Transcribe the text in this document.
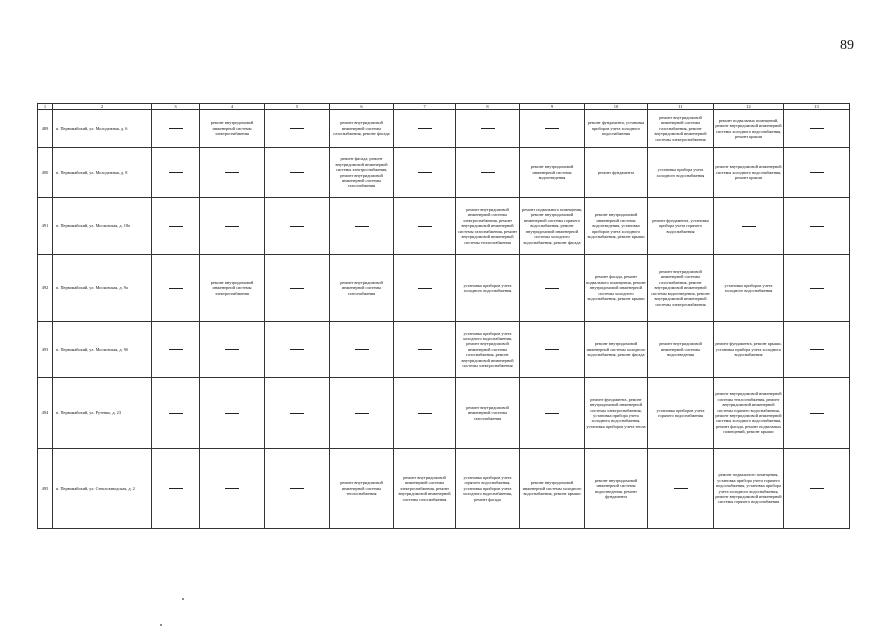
89
1	2	3	4	5	6	7	8	9	10	11	12	13
489	п. Первомайский, ул. Молодежная, д. 6		ремонт внутридомовой инженерной системы электроснабжения		ремонт внутридомовой инженерной системы газоснабжения, ремонт фасада				ремонт фундамента, установка приборов учета холодного водоснабжения	ремонт внутридомовой инженерной системы газоснабжения, ремонт внутридомовой инженерной системы электроснабжения	ремонт подвальных помещений, ремонт внутридомовой инженерной системы холодного водоснабжения, ремонт крыши	
490	п. Первомайский, ул. Молодежная, д. 8				ремонт фасада, ремонт внутридомовой инженерной системы электроснабжения, ремонт внутридомовой инженерной системы газоснабжения			ремонт внутридомовой инженерной системы водоотведения	ремонт фундамента	установка прибора учета холодного водоснабжения	ремонт внутридомовой инженерной системы холодного водоснабжения, ремонт крыши	
491	п. Первомайский, ул. Московская, д. 18а						ремонт внутридомовой инженерной системы электроснабжения, ремонт внутридомовой инженерной системы газоснабжения, ремонт внутридомовой инженерной системы теплоснабжения	ремонт подвального помещения, ремонт внутридомовой инженерной системы горячего водоснабжения, ремонт внутридомовой инженерной системы холодного водоснабжения, ремонт фасада	ремонт внутридомовой инженерной системы водоотведения, установка приборов учета холодного водоснабжения, ремонт крыши	ремонт фундамента, установка прибора учета горячего водоснабжения		
492	п. Первомайский, ул. Московская, д. 9а		ремонт внутридомовой инженерной системы электроснабжения		ремонт внутридомовой инженерной системы газоснабжения		установка приборов учета холодного водоснабжения		ремонт фасада, ремонт подвального помещения, ремонт внутридомовой инженерной системы холодного водоснабжения, ремонт крыши	ремонт внутридомовой инженерной системы газоснабжения, ремонт внутридомовой инженерной системы водоотведения, ремонт внутридомовой инженерной системы электроснабжения	установка приборов учета холодного водоснабжения	
493	п. Первомайский, ул. Московская, д. 9б						установка приборов учета холодного водоснабжения, ремонт внутридомовой инженерной системы газоснабжения, ремонт внутридомовой инженерной системы электроснабжения		ремонт внутридомовой инженерной системы холодного водоснабжения, ремонт фасада	ремонт внутридомовой инженерной системы водоотведения	ремонт фундамента, ремонт крыши, установка прибора учета холодного водоснабжения	
494	п. Первомайский, ул. Рутенко, д. 23						ремонт внутридомовой инженерной системы газоснабжения		ремонт фундамента, ремонт внутридомовой инженерной системы электроснабжения, установка прибора учета холодного водоснабжения, установка приборов учета тепла	установка приборов учета горячего водоснабжения	ремонт внутридомовой инженерной системы теплоснабжения, ремонт внутридомовой инженерной системы горячего водоснабжения, ремонт внутридомовой инженерной системы холодного водоснабжения, ремонт фасада, ремонт подвальных помещений, ремонт крыши	
495	п. Первомайский, ул. Стеклозаводская, д. 2				ремонт внутридомовой инженерной системы теплоснабжения	ремонт внутридомовой инженерной системы электроснабжения, ремонт внутридомовой инженерной системы газоснабжения	установка приборов учета горячего водоснабжения, установка приборов учета холодного водоснабжения, ремонт фасада	ремонт внутридомовой инженерной системы холодного водоснабжения, ремонт крыши	ремонт внутридомовой инженерной системы водоотведения, ремонт фундамента		ремонт подвального помещения, установка прибора учета горячего водоснабжения, установка прибора учета холодного водоснабжения, ремонт внутридомовой инженерной системы горячего водоснабжения	
